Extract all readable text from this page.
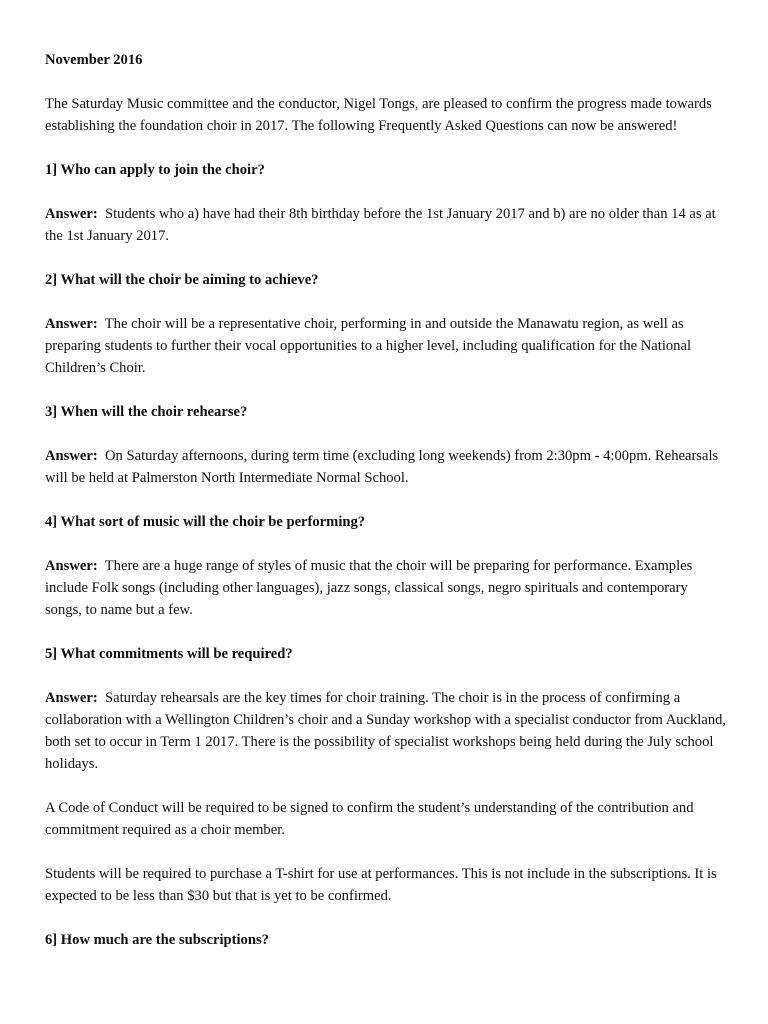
November 2016

The Saturday Music committee and the conductor, Nigel Tongs, are pleased to confirm the progress made towards establishing the foundation choir in 2017. The following Frequently Asked Questions can now be answered!

1] Who can apply to join the choir?

Answer: Students who a) have had their 8th birthday before the 1st January 2017 and b) are no older than 14 as at the 1st January 2017.

2] What will the choir be aiming to achieve?

Answer: The choir will be a representative choir, performing in and outside the Manawatu region, as well as preparing students to further their vocal opportunities to a higher level, including qualification for the National Children’s Choir.

3] When will the choir rehearse?

Answer: On Saturday afternoons, during term time (excluding long weekends) from 2:30pm - 4:00pm. Rehearsals will be held at Palmerston North Intermediate Normal School.

4] What sort of music will the choir be performing?

Answer: There are a huge range of styles of music that the choir will be preparing for performance. Examples include Folk songs (including other languages), jazz songs, classical songs, negro spirituals and contemporary songs, to name but a few.

5] What commitments will be required?

Answer: Saturday rehearsals are the key times for choir training. The choir is in the process of confirming a collaboration with a Wellington Children’s choir and a Sunday workshop with a specialist conductor from Auckland, both set to occur in Term 1 2017. There is the possibility of specialist workshops being held during the July school holidays.

A Code of Conduct will be required to be signed to confirm the student’s understanding of the contribution and commitment required as a choir member.

Students will be required to purchase a T-shirt for use at performances. This is not include in the subscriptions. It is expected to be less than $30 but that is yet to be confirmed.

6] How much are the subscriptions?
